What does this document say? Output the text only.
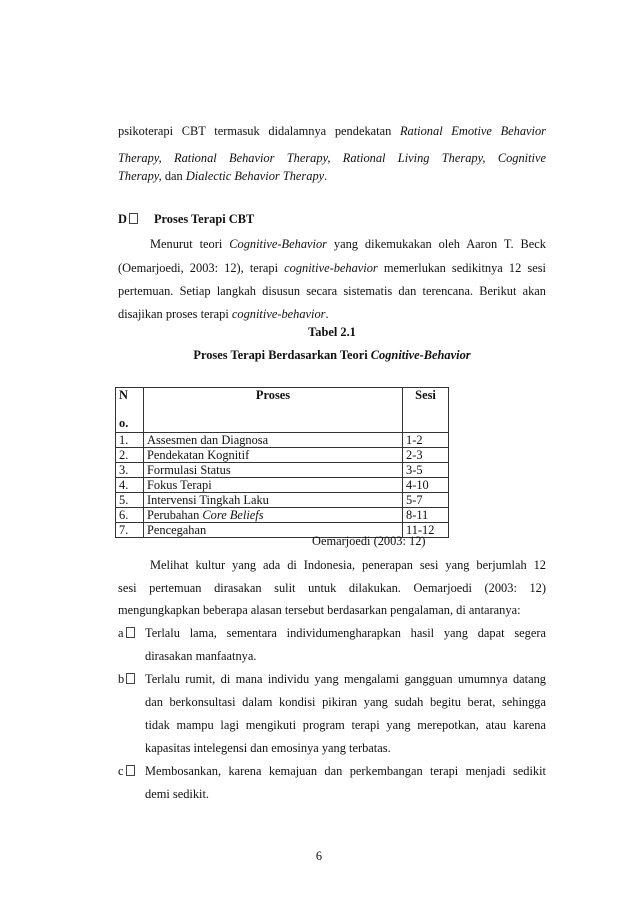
psikoterapi CBT termasuk didalamnya pendekatan Rational Emotive Behavior
Therapy, Rational Behavior Therapy, Rational Living Therapy, Cognitive
Therapy, dan Dialectic Behavior Therapy.
D Proses Terapi CBT
Menurut teori Cognitive-Behavior yang dikemukakan oleh Aaron T. Beck
(Oemarjoedi, 2003: 12), terapi cognitive-behavior memerlukan sedikitnya 12 sesi
pertemuan. Setiap langkah disusun secara sistematis dan terencana. Berikut akan
disajikan proses terapi cognitive-behavior.
Tabel 2.1
Proses Terapi Berdasarkan Teori Cognitive-Behavior
N

o.	Proses	Sesi
1.	Assesmen dan Diagnosa	1-2
2.	Pendekatan Kognitif	2-3
3.	Formulasi Status	3-5
4.	Fokus Terapi	4-10
5.	Intervensi Tingkah Laku	5-7
6.	Perubahan Core Beliefs	8-11
7.	Pencegahan	11-12
Oemarjoedi (2003: 12)
Melihat kultur yang ada di Indonesia, penerapan sesi yang berjumlah 12
sesi pertemuan dirasakan sulit untuk dilakukan. Oemarjoedi (2003: 12)
mengungkapkan beberapa alasan tersebut berdasarkan pengalaman, di antaranya:
a	Terlalu lama, sementara individumengharapkan hasil yang dapat segera
dirasakan manfaatnya.
b	Terlalu rumit, di mana individu yang mengalami gangguan umumnya datang
dan berkonsultasi dalam kondisi pikiran yang sudah begitu berat, sehingga
tidak mampu lagi mengikuti program terapi yang merepotkan, atau karena
kapasitas intelegensi dan emosinya yang terbatas.
c	Membosankan, karena kemajuan dan perkembangan terapi menjadi sedikit
demi sedikit.
6
